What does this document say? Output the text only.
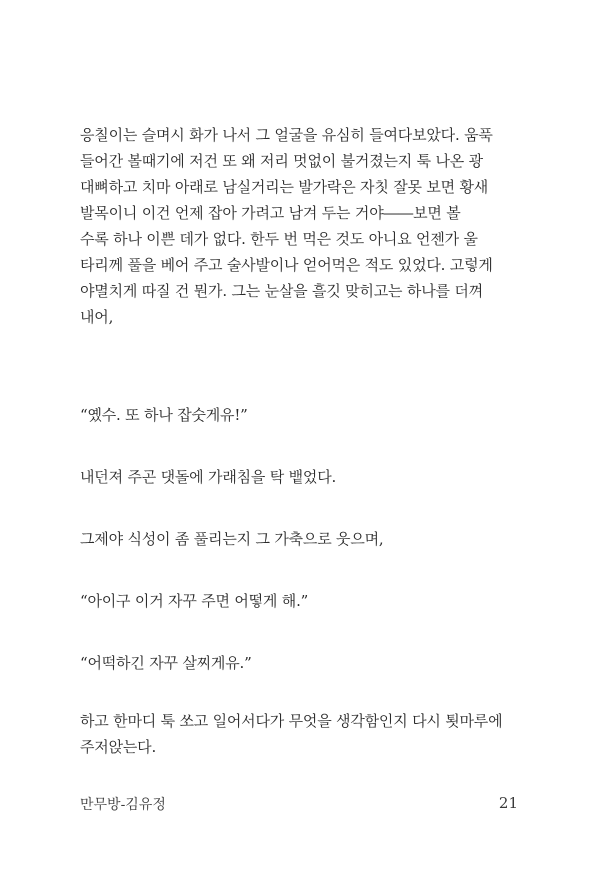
응칠이는 슬며시 화가 나서 그 얼굴을 유심히 들여다보았다. 움푹
들어간 볼때기에 저건 또 왜 저리 멋없이 불거졌는지 툭 나온 광
대뼈하고 치마 아래로 남실거리는 발가락은 자칫 잘못 보면 황새
발목이니 이건 언제 잡아 가려고 남겨 두는 거야――보면 볼
수록 하나 이쁜 데가 없다. 한두 번 먹은 것도 아니요 언젠가 울
타리께 풀을 베어 주고 술사발이나 얻어먹은 적도 있었다. 고렇게
야멸치게 따질 건 뭔가. 그는 눈살을 흘깃 맞히고는 하나를 더껴
내어,

“옜수. 또 하나 잡숫게유!”

내던져 주곤 댓돌에 가래침을 탁 뱉었다.

그제야 식성이 좀 풀리는지 그 가축으로 웃으며,

“아이구 이거 자꾸 주면 어떻게 해.”

“어떡하긴 자꾸 살찌게유.”

하고 한마디 툭 쏘고 일어서다가 무엇을 생각함인지 다시 툇마루에
주저앉는다.
만무방-김유정	21
